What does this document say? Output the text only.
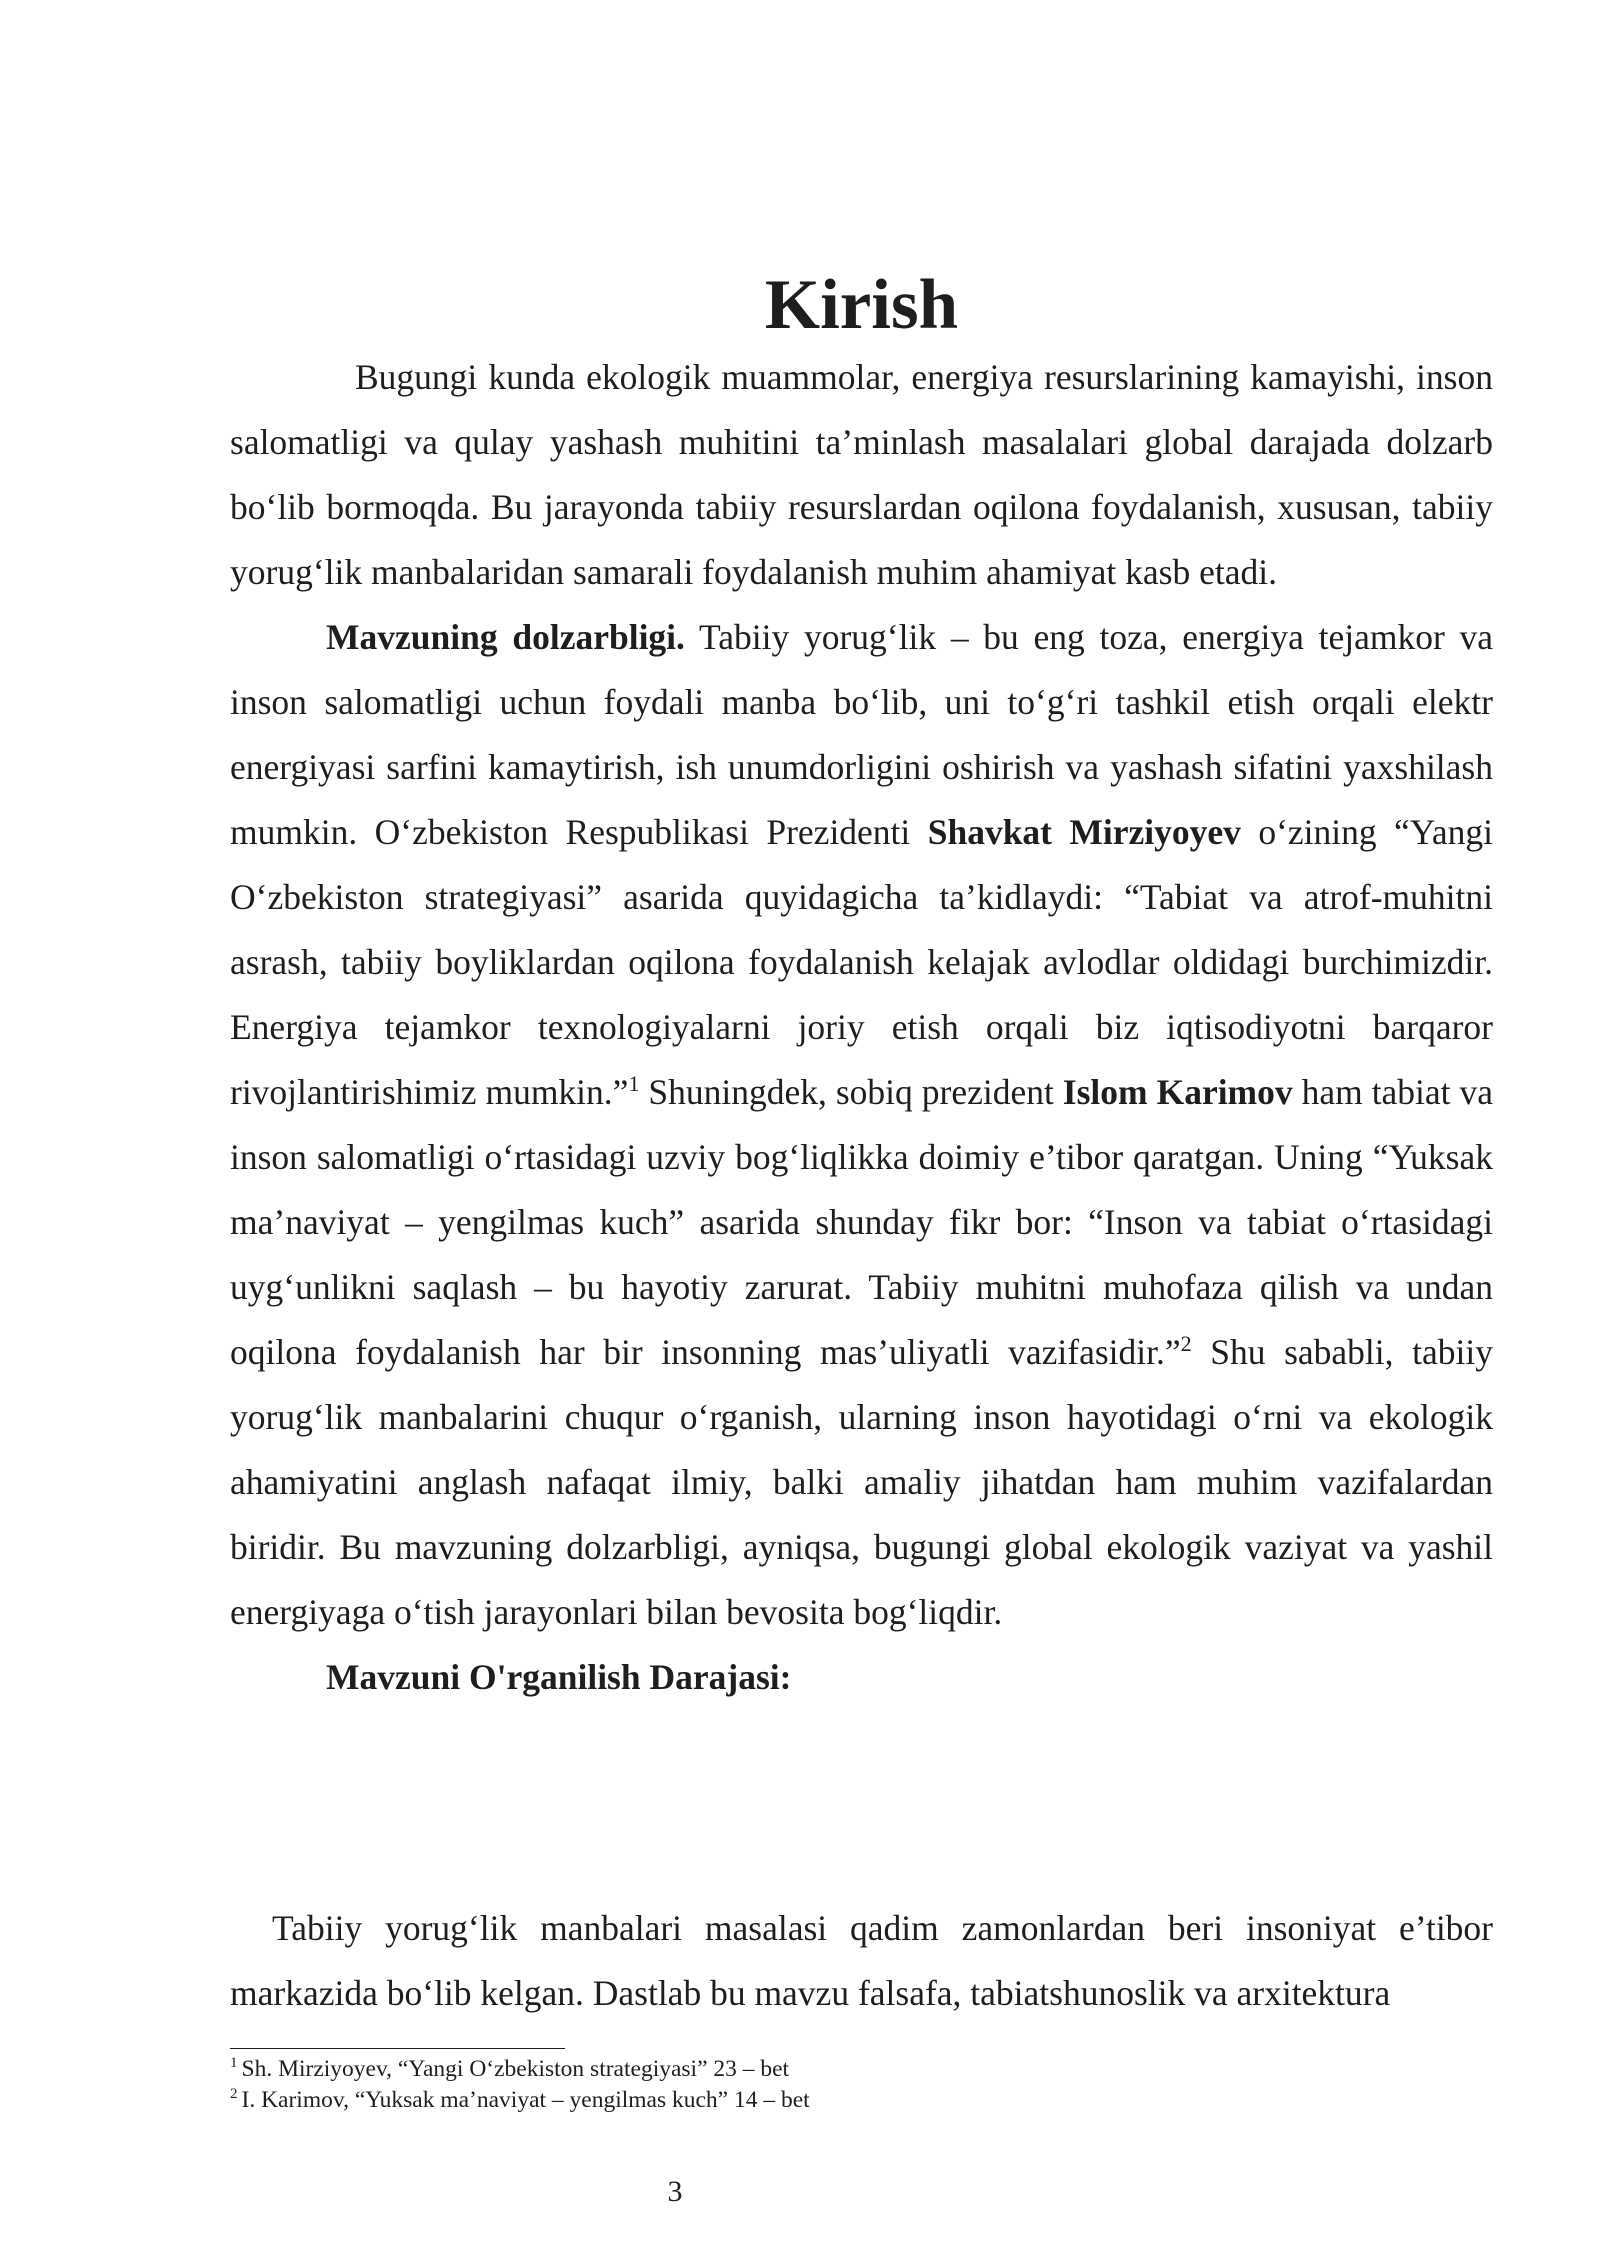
Kirish

Bugungi kunda ekologik muammolar, energiya resurslarining kamayishi, inson salomatligi va qulay yashash muhitini ta’minlash masalalari global darajada dolzarb bo‘lib bormoqda. Bu jarayonda tabiiy resurslardan oqilona foydalanish, xususan, tabiiy yorug‘lik manbalaridan samarali foydalanish muhim ahamiyat kasb etadi.

Mavzuning dolzarbligi. Tabiiy yorug‘lik – bu eng toza, energiya tejamkor va inson salomatligi uchun foydali manba bo‘lib, uni to‘g‘ri tashkil etish orqali elektr energiyasi sarfini kamaytirish, ish unumdorligini oshirish va yashash sifatini yaxshilash mumkin. O‘zbekiston Respublikasi Prezidenti Shavkat Mirziyoyev o‘zining “Yangi O‘zbekiston strategiyasi” asarida quyidagicha ta’kidlaydi: “Tabiat va atrof-muhitni asrash, tabiiy boyliklardan oqilona foydalanish kelajak avlodlar oldidagi burchimizdir. Energiya tejamkor texnologiyalarni joriy etish orqali biz iqtisodiyotni barqaror rivojlantirishimiz mumkin.”$^1$ Shuningdek, sobiq prezident Islom Karimov ham tabiat va inson salomatligi o‘rtasidagi uzviy bog‘liqlikka doimiy e’tibor qaratgan. Uning “Yuksak ma’naviyat – yengilmas kuch” asarida shunday fikr bor: “Inson va tabiat o‘rtasidagi uyg‘unlikni saqlash – bu hayotiy zarurat. Tabiiy muhitni muhofaza qilish va undan oqilona foydalanish har bir insonning mas’uliyatli vazifasidir.”$^2$ Shu sababli, tabiiy yorug‘lik manbalarini chuqur o‘rganish, ularning inson hayotidagi o‘rni va ekologik ahamiyatini anglash nafaqat ilmiy, balki amaliy jihatdan ham muhim vazifalardan biridir. Bu mavzuning dolzarbligi, ayniqsa, bugungi global ekologik vaziyat va yashil energiyaga o‘tish jarayonlari bilan bevosita bog‘liqdir.

Mavzuni O'rganilish Darajasi:

Tabiiy yorug‘lik manbalari masalasi qadim zamonlardan beri insoniyat e’tibor markazida bo‘lib kelgan. Dastlab bu mavzu falsafa, tabiatshunoslik va arxitektura

$^1$ Sh. Mirziyoyev, “Yangi O‘zbekiston strategiyasi” 23 – bet

$^2$ I. Karimov, “Yuksak ma’naviyat – yengilmas kuch” 14 – bet

3
